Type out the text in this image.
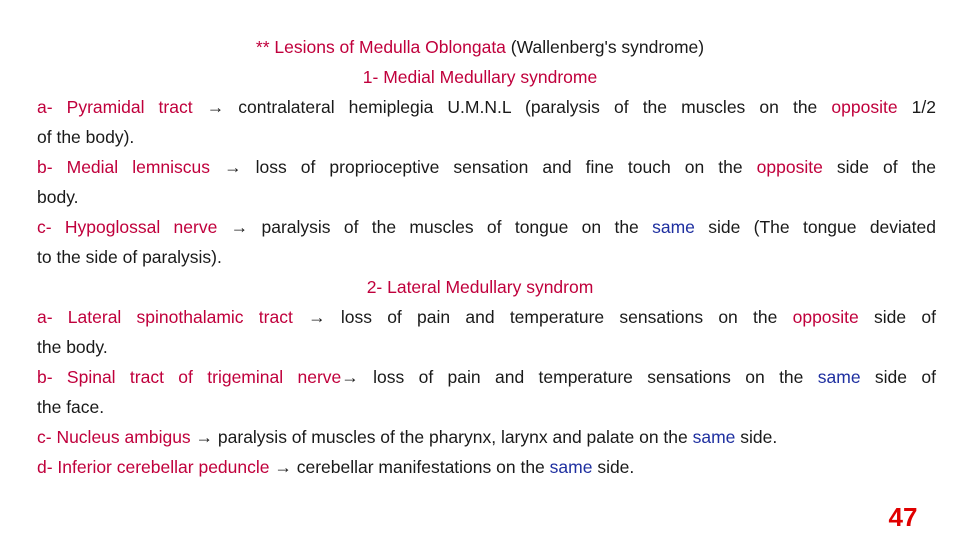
** Lesions of Medulla Oblongata (Wallenberg's syndrome)
1- Medial Medullary syndrome
a- Pyramidal tract → contralateral hemiplegia U.M.N.L (paralysis of the muscles on the opposite 1/2
of the body).
b- Medial lemniscus → loss of proprioceptive sensation and fine touch on the opposite side of the
body.
c- Hypoglossal nerve → paralysis of the muscles of tongue on the same side (The tongue deviated
to the side of paralysis).
2- Lateral Medullary syndrom
a- Lateral spinothalamic tract → loss of pain and temperature sensations on the opposite side of
the body.
b- Spinal tract of trigeminal nerve→ loss of pain and temperature sensations on the same side of
the face.
c- Nucleus ambigus → paralysis of muscles of the pharynx, larynx and palate on the same side.
d- Inferior cerebellar peduncle → cerebellar manifestations on the same side.
47
